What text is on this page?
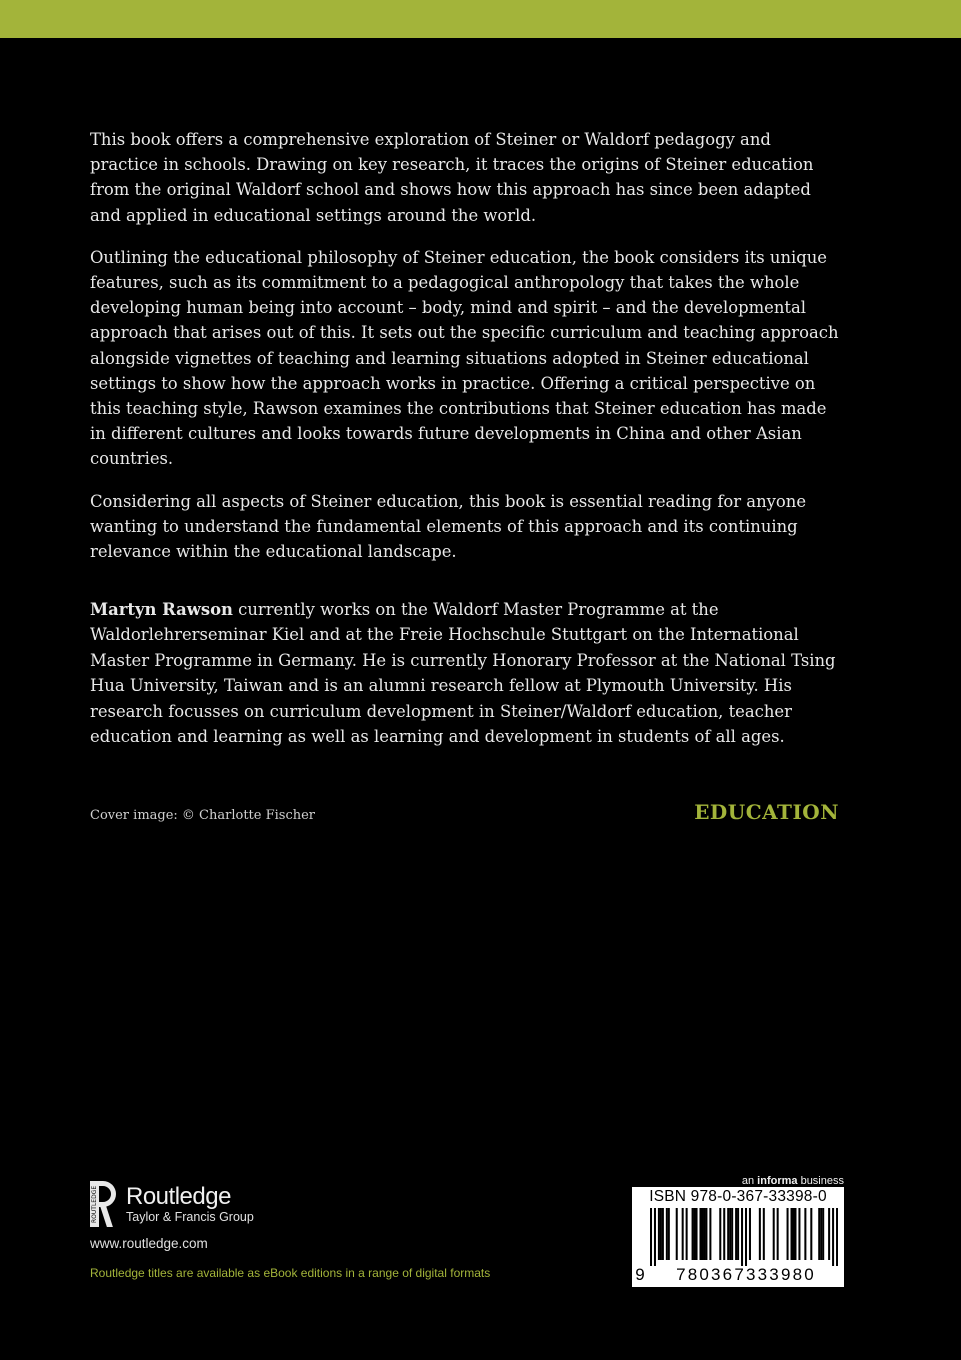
This book offers a comprehensive exploration of Steiner or Waldorf pedagogy and practice in schools. Drawing on key research, it traces the origins of Steiner education from the original Waldorf school and shows how this approach has since been adapted and applied in educational settings around the world.

Outlining the educational philosophy of Steiner education, the book considers its unique features, such as its commitment to a pedagogical anthropology that takes the whole developing human being into account – body, mind and spirit – and the developmental approach that arises out of this. It sets out the specific curriculum and teaching approach alongside vignettes of teaching and learning situations adopted in Steiner educational settings to show how the approach works in practice. Offering a critical perspective on this teaching style, Rawson examines the contributions that Steiner education has made in different cultures and looks towards future developments in China and other Asian countries.

Considering all aspects of Steiner education, this book is essential reading for anyone wanting to understand the fundamental elements of this approach and its continuing relevance within the educational landscape.

Martyn Rawson currently works on the Waldorf Master Programme at the Waldorlehrerseminar Kiel and at the Freie Hochschule Stuttgart on the International Master Programme in Germany. He is currently Honorary Professor at the National Tsing Hua University, Taiwan and is an alumni research fellow at Plymouth University. His research focusses on curriculum development in Steiner/Waldorf education, teacher education and learning as well as learning and development in students of all ages.

Cover image: © Charlotte Fischer	EDUCATION
ROUTLEDGE Routledge
Taylor & Francis Group
www.routledge.com
Routledge titles are available as eBook editions in a range of digital formats
an informa business
ISBN 978-0-367-33398-0
9	780367333980
